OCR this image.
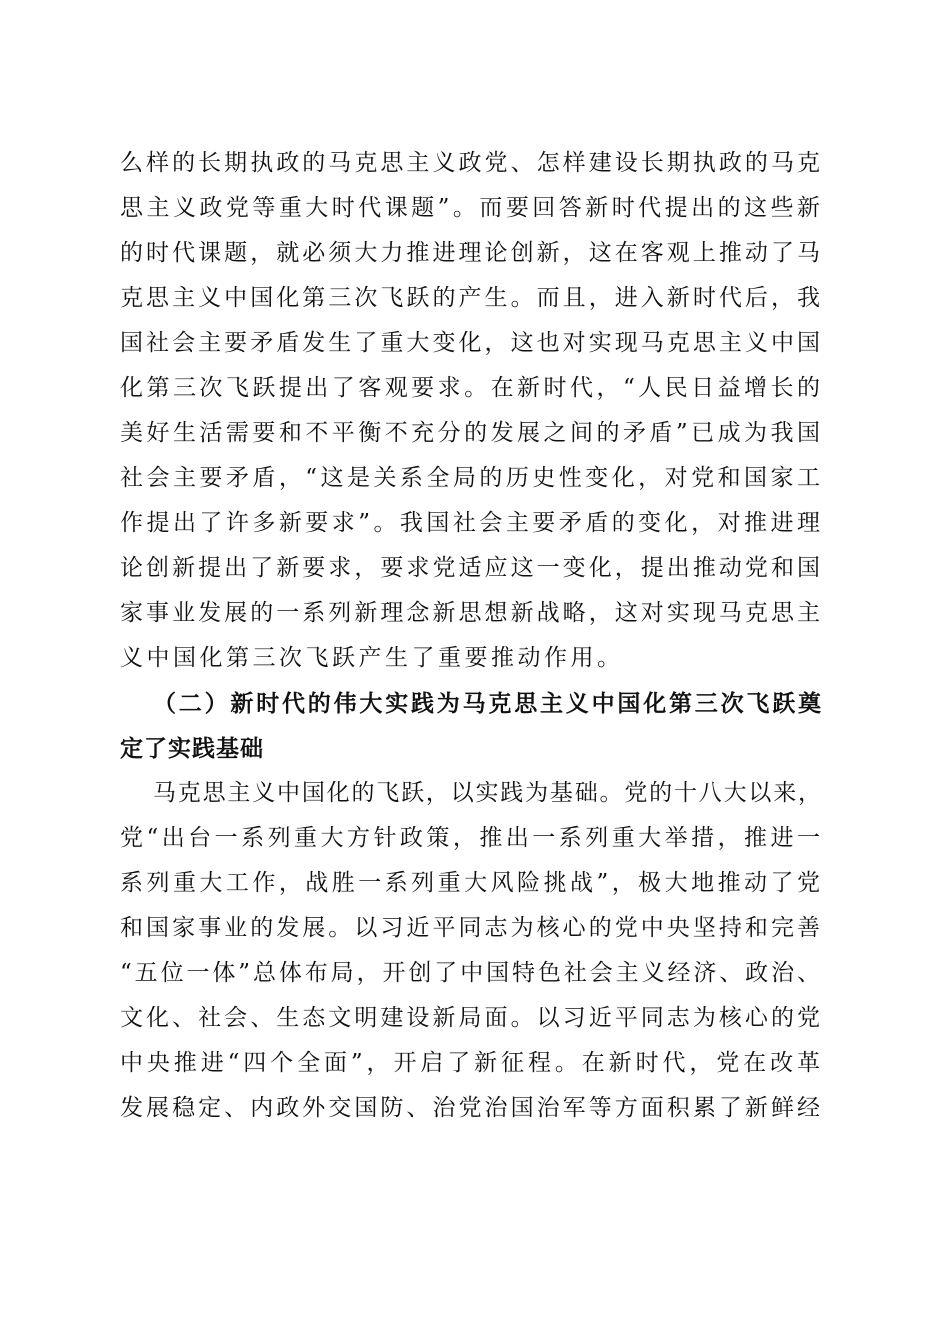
么样的长期执政的马克思主义政党、怎样建设长期执政的马克
思主义政党等重大时代课题”。而要回答新时代提出的这些新
的时代课题，就必须大力推进理论创新，这在客观上推动了马
克思主义中国化第三次飞跃的产生。而且，进入新时代后，我
国社会主要矛盾发生了重大变化，这也对实现马克思主义中国
化第三次飞跃提出了客观要求。在新时代，“人民日益增长的
美好生活需要和不平衡不充分的发展之间的矛盾”已成为我国
社会主要矛盾，“这是关系全局的历史性变化，对党和国家工
作提出了许多新要求”。我国社会主要矛盾的变化，对推进理
论创新提出了新要求，要求党适应这一变化，提出推动党和国
家事业发展的一系列新理念新思想新战略，这对实现马克思主
义中国化第三次飞跃产生了重要推动作用。
（二）新时代的伟大实践为马克思主义中国化第三次飞跃奠
定了实践基础
马克思主义中国化的飞跃，以实践为基础。党的十八大以来，
党“出台一系列重大方针政策，推出一系列重大举措，推进一
系列重大工作，战胜一系列重大风险挑战”，极大地推动了党
和国家事业的发展。以习近平同志为核心的党中央坚持和完善
“五位一体”总体布局，开创了中国特色社会主义经济、政治、
文化、社会、生态文明建设新局面。以习近平同志为核心的党
中央推进“四个全面”，开启了新征程。在新时代，党在改革
发展稳定、内政外交国防、治党治国治军等方面积累了新鲜经
